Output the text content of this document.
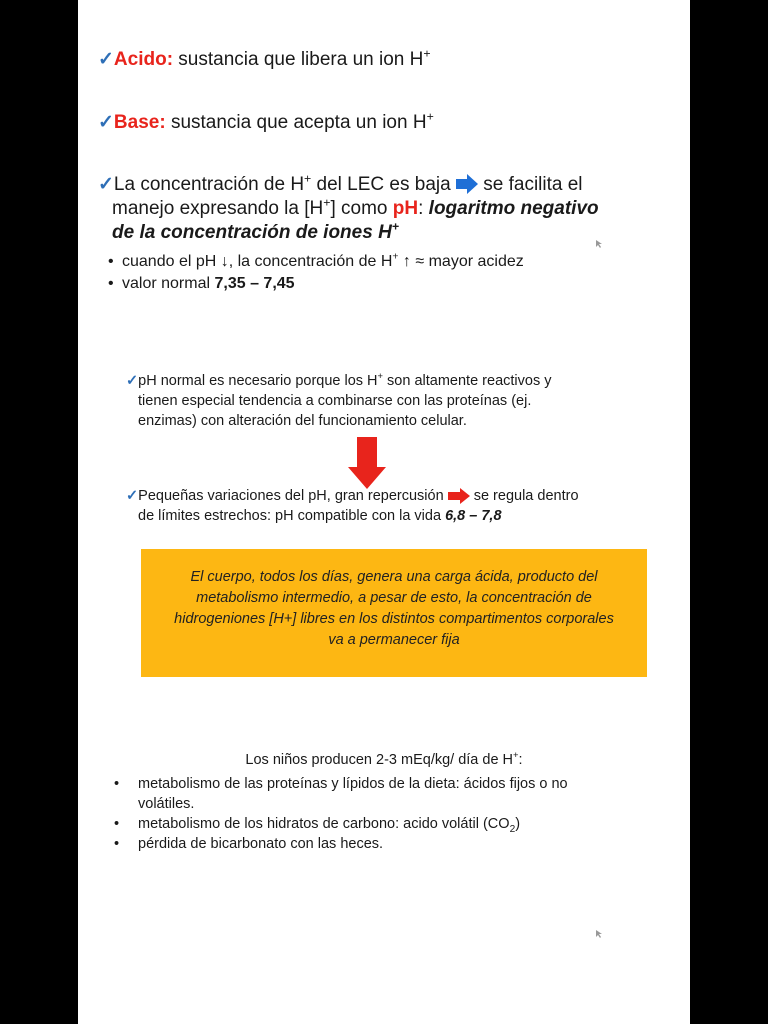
✓Acido: sustancia que libera un ion H+
✓Base: sustancia que acepta un ion H+
✓La concentración de H+ del LEC es baja  se facilita el
manejo expresando la [H+] como pH: logaritmo negativo
de la concentración de iones H+
• cuando el pH ↓, la concentración de H+ ↑ ≈ mayor acidez
• valor normal 7,35 – 7,45
✓pH normal es necesario porque los H+ son altamente reactivos y
tienen especial tendencia a combinarse con las proteínas (ej.
enzimas) con alteración del funcionamiento celular.
✓Pequeñas variaciones del pH, gran repercusión  se regula dentro
de límites estrechos: pH compatible con la vida 6,8 – 7,8
El cuerpo, todos los días, genera una carga ácida, producto del
metabolismo intermedio, a pesar de esto, la concentración de
hidrogeniones [H+] libres en los distintos compartimentos corporales
va a permanecer fija
Los niños producen 2-3 mEq/kg/ día de H+:
• metabolismo de las proteínas y lípidos de la dieta: ácidos fijos o no
volátiles.
• metabolismo de los hidratos de carbono: acido volátil $(CO_2)$
• pérdida de bicarbonato con las heces.
